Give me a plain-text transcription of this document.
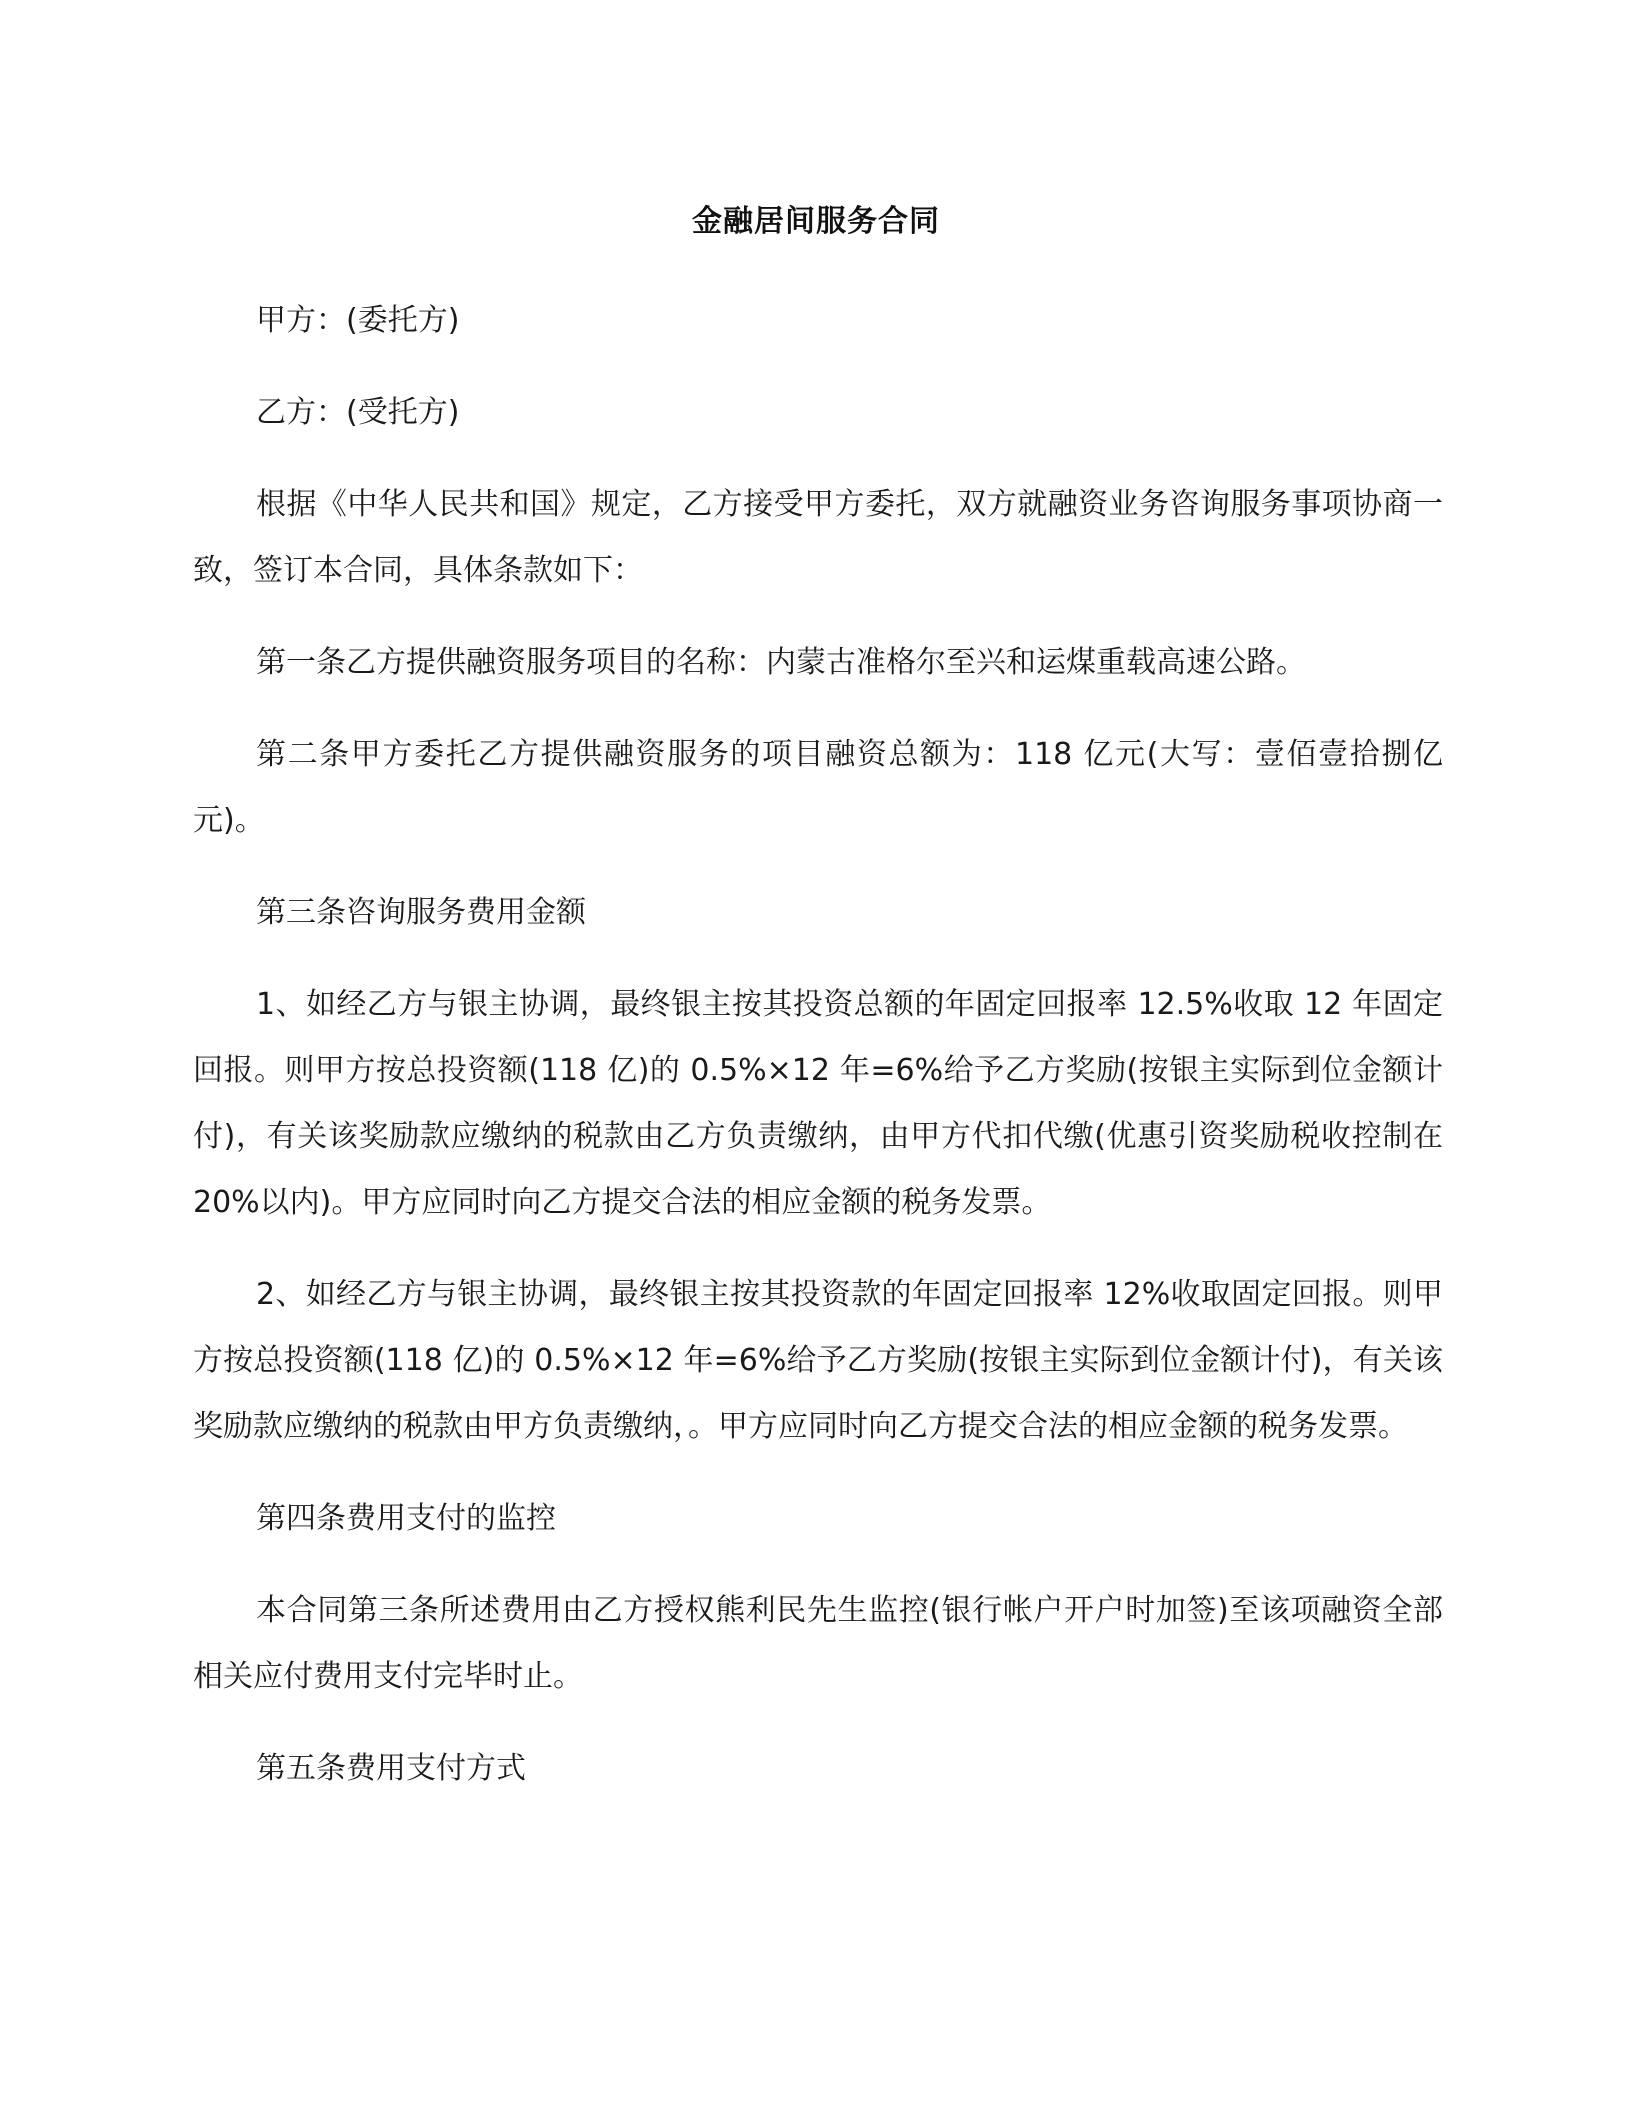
金融居间服务合同

甲方：(委托方)

乙方：(受托方)

根据《中华人民共和国》规定，乙方接受甲方委托，双方就融资业务咨询服务事项协商一致，签订本合同，具体条款如下：

第一条乙方提供融资服务项目的名称：内蒙古准格尔至兴和运煤重载高速公路。

第二条甲方委托乙方提供融资服务的项目融资总额为：118 亿元(大写：壹佰壹拾捌亿元)。

第三条咨询服务费用金额

1、如经乙方与银主协调，最终银主按其投资总额的年固定回报率 12.5%收取 12 年固定回报。则甲方按总投资额(118 亿)的 0.5%×12 年=6%给予乙方奖励(按银主实际到位金额计付)，有关该奖励款应缴纳的税款由乙方负责缴纳，由甲方代扣代缴(优惠引资奖励税收控制在 20%以内)。甲方应同时向乙方提交合法的相应金额的税务发票。

2、如经乙方与银主协调，最终银主按其投资款的年固定回报率 12%收取固定回报。则甲方按总投资额(118 亿)的 0.5%×12 年=6%给予乙方奖励(按银主实际到位金额计付)，有关该奖励款应缴纳的税款由甲方负责缴纳，。甲方应同时向乙方提交合法的相应金额的税务发票。

第四条费用支付的监控

本合同第三条所述费用由乙方授权熊利民先生监控(银行帐户开户时加签)至该项融资全部相关应付费用支付完毕时止。

第五条费用支付方式
